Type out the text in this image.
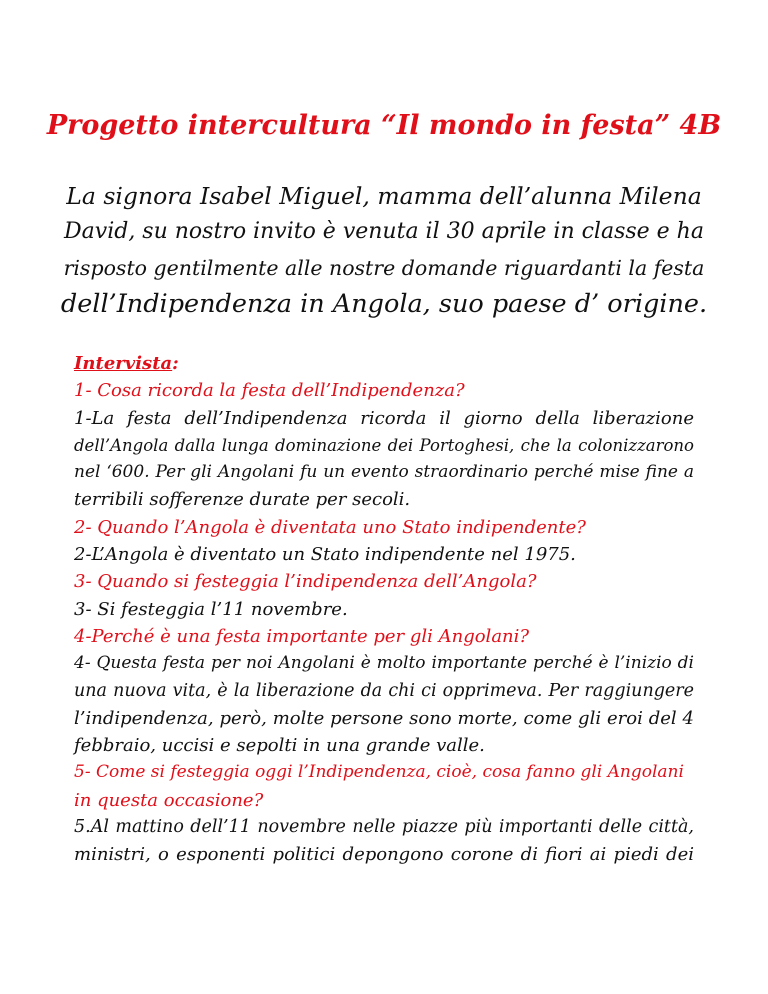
Progetto intercultura “Il mondo in festa” 4B
La signora Isabel Miguel, mamma dell’alunna Milena
David, su nostro invito è venuta il 30 aprile in classe e ha
risposto gentilmente alle nostre domande riguardanti la festa
dell’Indipendenza in Angola, suo paese d’ origine.
Intervista:
1- Cosa ricorda la festa dell’Indipendenza?
1-La festa dell’Indipendenza ricorda il giorno della liberazione
dell’Angola dalla lunga dominazione dei Portoghesi, che la colonizzarono
nel ‘600. Per gli Angolani fu un evento straordinario perché mise fine a
terribili sofferenze durate per secoli.
2- Quando l’Angola è diventata uno Stato indipendente?
2-L’Angola è diventato un Stato indipendente nel 1975.
3- Quando si festeggia l’indipendenza dell’Angola?
3- Si festeggia l’11 novembre.
4-Perché è una festa importante per gli Angolani?
4- Questa festa per noi Angolani è molto importante perché è l’inizio di
una nuova vita, è la liberazione da chi ci opprimeva. Per raggiungere
l’indipendenza, però, molte persone sono morte, come gli eroi del 4
febbraio, uccisi e sepolti in una grande valle.
5- Come si festeggia oggi l’Indipendenza, cioè, cosa fanno gli Angolani
in questa occasione?
5.Al mattino dell’11 novembre nelle piazze più importanti delle città,
ministri, o esponenti politici depongono corone di fiori ai piedi dei
